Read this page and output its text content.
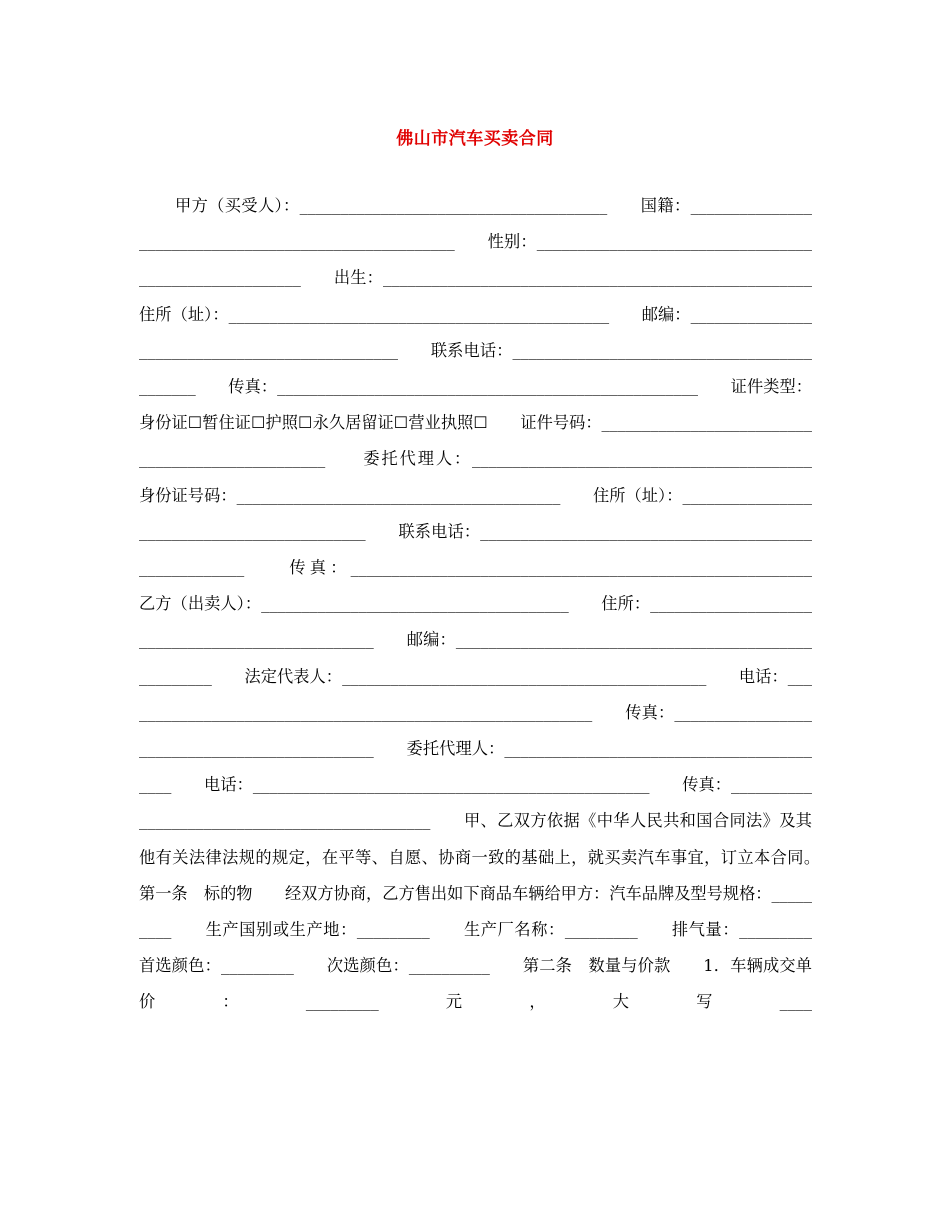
佛山市汽车买卖合同
甲方（买受人）：______________________________________　　国籍：______________________________________________________　　性别：______________________________________________________　　出生：_____________________________________________________　　住所（址）：_______________________________________________　　邮编：_______________________________________________　　联系电话：____________________________________________　　传真：____________________________________________________　　证件类型：身份证☐暂住证☐护照☐永久居留证☐营业执照☐　　证件号码：_________________________________________________　　委托代理人：__________________________________________　　身份证号码：________________________________________　　住所（址）：____________________________________________　　联系电话：______________________________________________________　　传真：_________________________________________________________　　乙方（出卖人）：______________________________________　　住所：_________________________________________________　　邮编：_____________________________________________________　　法定代表人：_____________________________________________　　电话：___________________________________________________________　　传真：______________________________________________　　委托代理人：__________________________________________　　电话：_________________________________________________　　传真：______________________________________________　　甲、乙双方依据《中华人民共和国合同法》及其他有关法律法规的规定，在平等、自愿、协商一致的基础上，就买卖汽车事宜，订立本合同。　　第一条　标的物　　经双方协商，乙方售出如下商品车辆给甲方：汽车品牌及型号规格：_________　　生产国别或生产地：_________　　生产厂名称：_________　　排气量：_________　　首选颜色：_________　　次选颜色：__________　　第二条　数量与价款　　1．车辆成交单价：_________元，大写____
